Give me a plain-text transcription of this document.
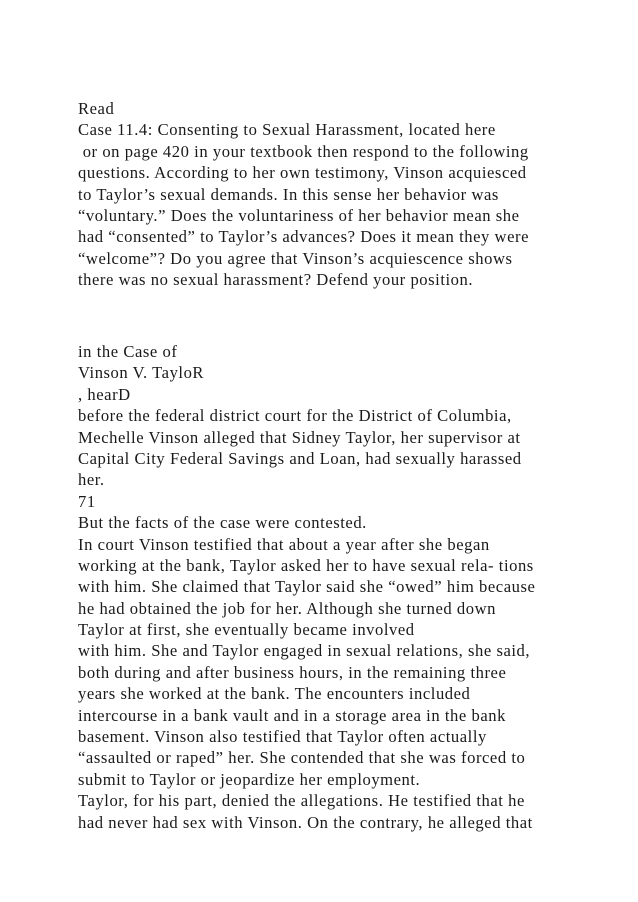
Read
Case 11.4: Consenting to Sexual Harassment, located here
or on page 420 in your textbook then respond to the following
questions. According to her own testimony, Vinson acquiesced
to Taylor’s sexual demands. In this sense her behavior was
“voluntary.” Does the voluntariness of her behavior mean she
had “consented” to Taylor’s advances? Does it mean they were
“welcome”? Do you agree that Vinson’s acquiescence shows
there was no sexual harassment? Defend your position.
in the Case of
Vinson V. TayloR
, hearD
before the federal district court for the District of Columbia,
Mechelle Vinson alleged that Sidney Taylor, her supervisor at
Capital City Federal Savings and Loan, had sexually harassed
her.
71
But the facts of the case were contested.
In court Vinson testified that about a year after she began
working at the bank, Taylor asked her to have sexual rela- tions
with him. She claimed that Taylor said she “owed” him because
he had obtained the job for her. Although she turned down
Taylor at first, she eventually became involved
with him. She and Taylor engaged in sexual relations, she said,
both during and after business hours, in the remaining three
years she worked at the bank. The encounters included
intercourse in a bank vault and in a storage area in the bank
basement. Vinson also testified that Taylor often actually
“assaulted or raped” her. She contended that she was forced to
submit to Taylor or jeopardize her employment.
Taylor, for his part, denied the allegations. He testified that he
had never had sex with Vinson. On the contrary, he alleged that
